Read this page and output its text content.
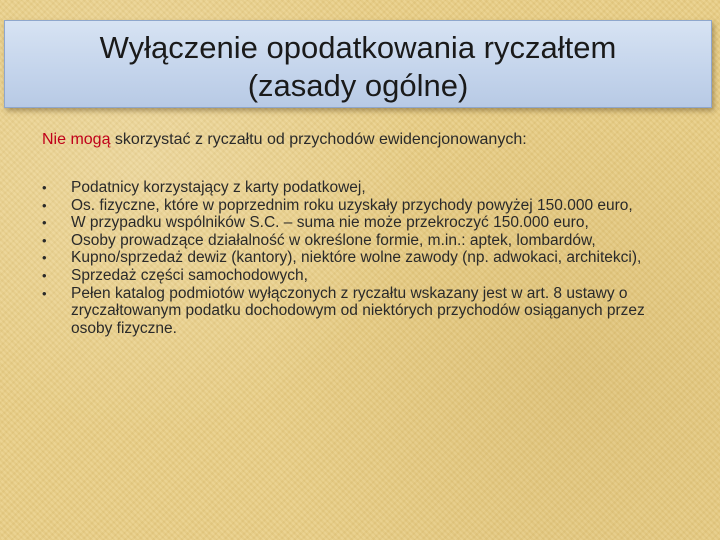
Wyłączenie opodatkowania ryczałtem
(zasady ogólne)

Nie mogą skorzystać z ryczałtu od przychodów ewidencjonowanych:

•	Podatnicy korzystający z karty podatkowej,
•	Os. fizyczne, które w poprzednim roku uzyskały przychody powyżej 150.000 euro,
•	W przypadku wspólników S.C. – suma nie może przekroczyć 150.000 euro,
•	Osoby prowadzące działalność w określone formie, m.in.: aptek, lombardów,
•	Kupno/sprzedaż dewiz (kantory), niektóre wolne zawody (np. adwokaci, architekci),
•	Sprzedaż części samochodowych,
•	Pełen katalog podmiotów wyłączonych z ryczałtu wskazany jest w art. 8 ustawy o zryczałtowanym podatku dochodowym od niektórych przychodów osiąganych przez osoby fizyczne.
